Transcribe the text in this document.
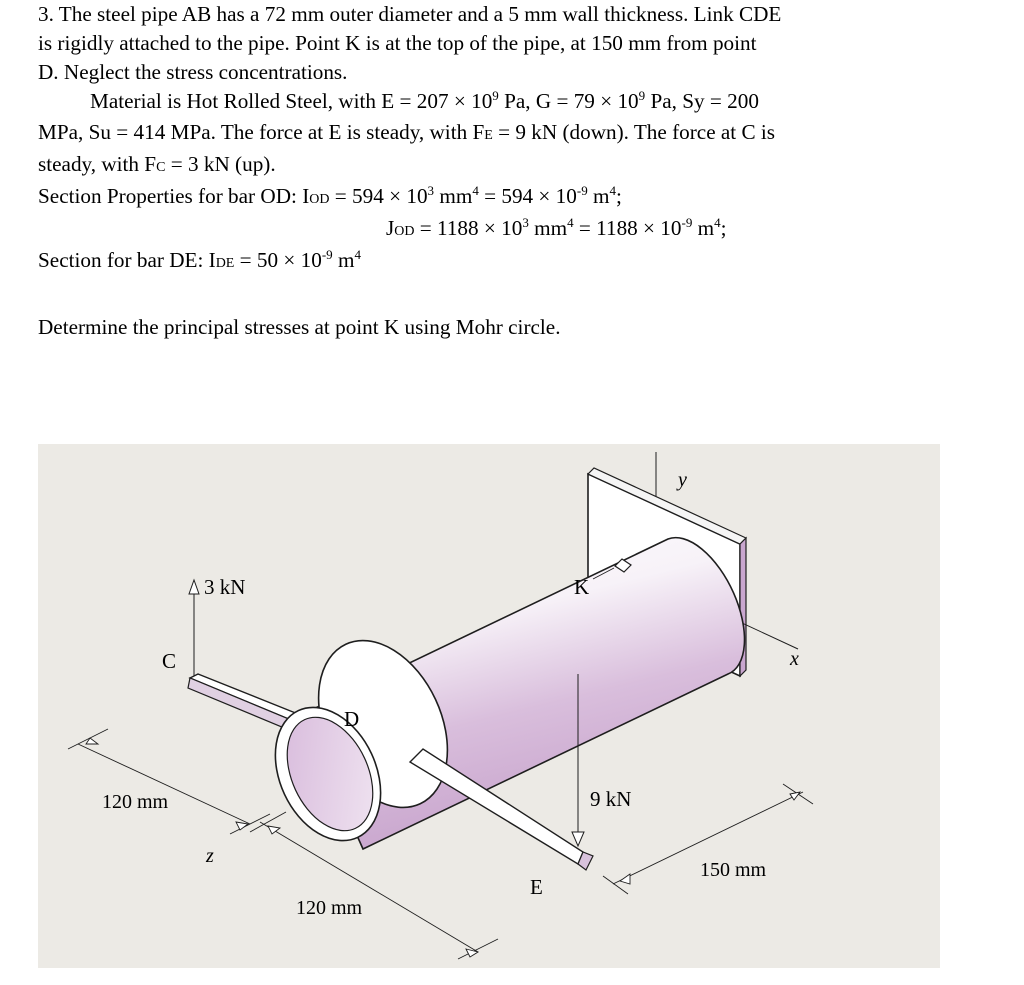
3. The steel pipe AB has a 72 mm outer diameter and a 5 mm wall thickness. Link CDE
is rigidly attached to the pipe. Point K is at the top of the pipe, at 150 mm from point
D. Neglect the stress concentrations.

Material is Hot Rolled Steel, with $E = 207 \times 10^9$ Pa, $G = 79 \times 10^9$ Pa, Sy = 200
MPa, Su = 414 MPa. The force at E is steady, with FE = 9 kN (down). The force at C is
steady, with FC = 3 kN (up).

Section Properties for bar OD: IOD = $594 \times 10^3$ $mm^4 = 594 \times 10^{-9}$ $m^4$;
JOD = $1188 \times 10^3$ $mm^4 = 1188 \times 10^{-9}$ $m^4$;
Section for bar DE: IDE = $50 \times 10^{-9}$ $m^4$

Determine the principal stresses at point K using Mohr circle.

3 kN
C
D
K
E
9 kN
x
y
z
120 mm
120 mm
150 mm
